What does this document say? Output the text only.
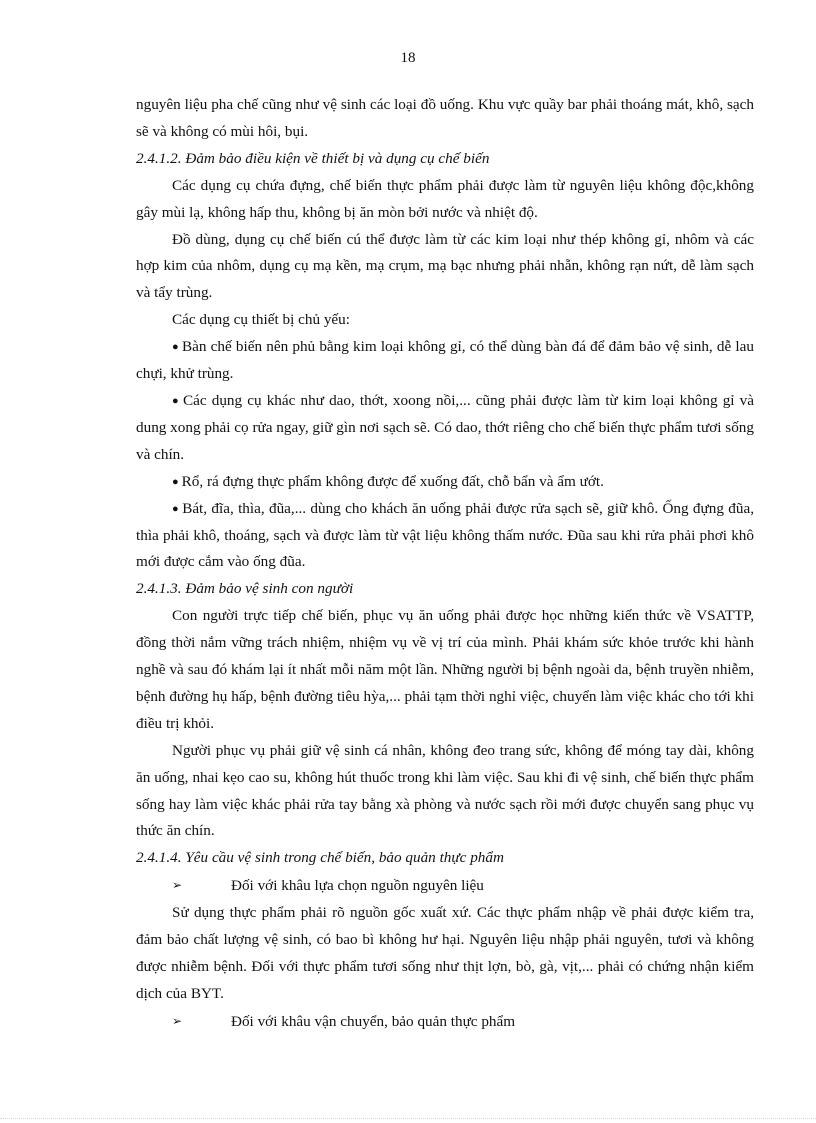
18

nguyên liệu pha chế cũng như vệ sinh các loại đồ uống. Khu vực quầy bar phải thoáng mát, khô, sạch sẽ và không có mùi hôi, bụi.

2.4.1.2. Đảm bảo điều kiện về thiết bị và dụng cụ chế biến

Các dụng cụ chứa đựng, chế biến thực phẩm phải được làm từ nguyên liệu không độc,không gây mùi lạ, không hấp thu, không bị ăn mòn bởi nước và nhiệt độ.

Đồ dùng, dụng cụ chế biến cú thể được làm từ các kim loại như thép không gỉ, nhôm và các hợp kim của nhôm, dụng cụ mạ kền, mạ crụm, mạ bạc nhưng phải nhẵn, không rạn nứt, dễ làm sạch và tẩy trùng.

Các dụng cụ thiết bị chủ yếu:

● Bàn chế biến nên phủ bằng kim loại không gỉ, có thể dùng bàn đá để đảm bảo vệ sinh, dễ lau chựi, khử trùng.

● Các dụng cụ khác như dao, thớt, xoong nồi,... cũng phải được làm từ kim loại không gỉ và dung xong phải cọ rửa ngay, giữ gìn nơi sạch sẽ. Có dao, thớt riêng cho chế biến thực phẩm tươi sống và chín.

● Rổ, rá đựng thực phẩm không được để xuống đất, chỗ bẩn và ẩm ướt.

● Bát, đĩa, thìa, đũa,... dùng cho khách ăn uống phải được rửa sạch sẽ, giữ khô. Ống đựng đũa, thìa phải khô, thoáng, sạch và được làm từ vật liệu không thấm nước. Đũa sau khi rửa phải phơi khô mới được cắm vào ống đũa.

2.4.1.3. Đảm bảo vệ sinh con người

Con người trực tiếp chế biến, phục vụ ăn uống phải được học những kiến thức về VSATTP, đồng thời nắm vững trách nhiệm, nhiệm vụ về vị trí của mình. Phải khám sức khỏe trước khi hành nghề và sau đó khám lại ít nhất mỗi năm một lần. Những người bị bệnh ngoài da, bệnh truyền nhiễm, bệnh đường hụ hấp, bệnh đường tiêu hỳa,... phải tạm thời nghỉ việc, chuyển làm việc khác cho tới khi điều trị khỏi.

Người phục vụ phải giữ vệ sinh cá nhân, không đeo trang sức, không để móng tay dài, không ăn uống, nhai kẹo cao su, không hút thuốc trong khi làm việc. Sau khi đi vệ sinh, chế biến thực phẩm sống hay làm việc khác phải rửa tay bằng xà phòng và nước sạch rồi mới được chuyển sang phục vụ thức ăn chín.

2.4.1.4. Yêu cầu vệ sinh trong chế biến, bảo quản thực phẩm

➢	Đối với khâu lựa chọn nguồn nguyên liệu

Sử dụng thực phẩm phải rõ nguồn gốc xuất xứ. Các thực phẩm nhập về phải được kiểm tra, đảm bảo chất lượng vệ sinh, có bao bì không hư hại. Nguyên liệu nhập phải nguyên, tươi và không được nhiễm bệnh. Đối với thực phẩm tươi sống như thịt lợn, bò, gà, vịt,... phải có chứng nhận kiểm dịch của BYT.

➢	Đối với khâu vận chuyển, bảo quản thực phẩm
